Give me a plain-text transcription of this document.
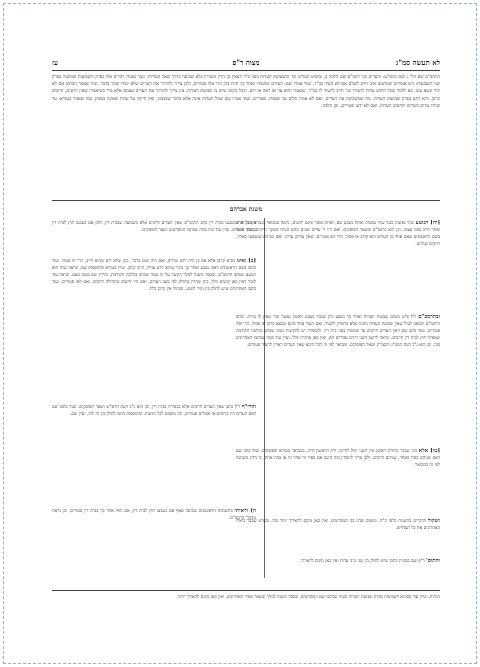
לא תעשה סמ"ג
מצוה ר"פ
עז
הרמב"ם שם הל' ג ושם ובשו"ע: והעדים וכו' רמב"ם שם הלכה ב, ומשיט העדים וכו' וכשעושין העדות בפני ב"ד יוצאין מן הדין ומעידין בלא שבועה כדרך שאר העדיות. ועוד נאמרו דברים אלו בפרק השבועות ובמשנה בפרק שני דשבועות: ויש אומרים שמרצונו אינו חייב לשלם אם לא העיד בב"ד. ועוד אמרו שם: העדים שהעידו ואחר כך חזרו בהן הרי אלו פטורים, ולכן צריך להזהיר את העדים שלא יעידו שקר בדבר. ומה שאמר הכתוב אם לא יגיד ונשא עונו, בא ללמד שכל היודע עדות לחבירו וכו' חייב להעיד לו בב"ד, שנאמר והוא עד או ראה או ידע. ובכל מקום שיש בו שבועת העדות, אין צריך להזהיר את העדים עצמם אלא מיד כשיאמרו שאין יודעים, חייבים קרבן. והא דתנן בפרק שבועות העדות, מה שמשביעין את העדים, ואם לא אמרו כלום עד שכפרו, פטורים. ועוד אמרו שם שכל העדות אינה אלא בדבר שבממון, ואין חייבין על עדות שאינה בממון, כמו שאמר בגמרא: עד שיהיו עדים כשרים ויודעים העדות, ואם לא ידעו פטורים, וכן הלכה.
משנת אברהם
[יח] הנוטע שתי נפשות כנגד שתי נפשות ואחת נשבע שם, ואחת אומר אינם יודעים, נראה כמבואר בגמרא שכל אחד ואחד חייב בפני עצמו, וכן הוא ברמב"ם ובשאר הפוסקים. ואם היו ד' עדים ושנים מהם העידו בשקר חייבים. ועוד כתבו בשם הראשונים שאם אחד מן העדים הוא קרוב או פסול, הרי הם פטורים, שאין עדותן עדות. ואם שניהם שנשבעו כאחד, חייבים שניהם.
ובהרמב"ם ז"ל פ"ט משום שבועת העדות ואחר כך נשבע כיון שכבר נשבע ראשון נעשה כמי שאין לו עדות. וכתב הרמב"ם והבאנו לעיל שאין שבועת העדות נוהגת אלא בראויין להעיד, ואם העיד אחד מהם ונמצא קרוב או פסול, הרי אלו פטורים. ועוד כתב שם דאין העדים חייבים עד שיכפרו בפני בית דין. ולכאורה יש להקשות ממה שכתב בהלכה הקודמת שאפילו חוץ לבית דין חייבים. ונראה ליישב דשני דינים נפרדים הם, ואין כאן סתירה כלל. ועיין עוד במה שכתבו האחרונים בזה, וכן הוא ג"כ דעת הסמ"ג והסמ"ק ושאר הפוסקים. ומבואר לפי זה דכל היכא שאין העדים ראויין להעיד פטורים.
[טו] אלא כיון שכבר נתחייב ראשון אין השני יכול לחייבו, ורק הראשון חייב, כמבואר בגמרא ובפוסקים. ועוד כתב שם דאם שניהם כפרו כאחד, שניהם חייבים. ולכן צריך להבחין בזה היטב אם כפרו זה אחר זה או בבת אחת, כי הדין משתנה לפי זה כמבואר.
ושקול הדברים בהשגות כלפי ה"ה. ומשום שדנו בה המפרשים, ואין כאן מקום להאריך יותר בזה, ובפרט שכבר ביארו האחרונים את כל הצדדים.
והתוס' ר"פ שם בסוגיין כתבו שיש לחלק בין שני מיני עדות ואין כאן מקום להאריך.
בקרבן זה שנשבעו בבית דין כתב הרמב"ם שאין העדים חייבים אלא בשבועה שבבית דין, ולכן אם נשבעו חוץ לבית דין וכפרו, פטורים. ועיין עוד בזה במה שכתבו המפרשים ושאר הפוסקים.
[ב] ואינו מביא קרבן אלא אם כן היה יודע שחייב, ואם היה שוגג בדבר, כגון שלא ידע שהוא חייב, הרי זה פטור. ועוד כתבו בשם הראשונים דאם נשבע ואחר כך נזכר שהוא יודע עדות, חייב קרבן. ועיין בגמרא ובתוספות שם, ונראה שזה הוא הטעם שכתב הרמב"ם. ובספר משנה למלך הקשה על זה ממה שכתב בהלכה הקודמת, ותירץ שם בטוב טעם. ונראה עוד לומר דאין כאן קושיא כלל, כיון שהדין מחולק לפי מצב העדים, ואם היו יודעים מתחילה חייבים, ואם לאו פטורים. ועוד כתבו האחרונים שיש לחלק בין מזיד לשוגג, ובמזיד אין קרבן כלל.
והרי"ף ז"ל כתב שאין העדים חייבים אלא בכפירה בבית דין, וכן הוא ג"כ דעת הרא"ש ושאר הפוסקים. ועוד כתבו שם דאם העדים היו קרובים או פסולים פטורים, וזה מוסכם לכל הדעות. ובתוספות כתבו לחלק בין זה לזה, ועיין שם.
ה) וראיתי בתשובות הראשונים שכתבו שאף אם נשבעו חוץ לבית דין, אם הודו אחר כך בבית דין פטורים, וכן נראה מדברי הרמב"ם.
הגהות: ועיין עוד בסוגיא דשבועות בפרק שבועת העדות ובמה שכתבו שם המפרשים, ובספר משנה למלך ובשאר ספרי האחרונים, ואין כאן מקום להאריך יותר.
